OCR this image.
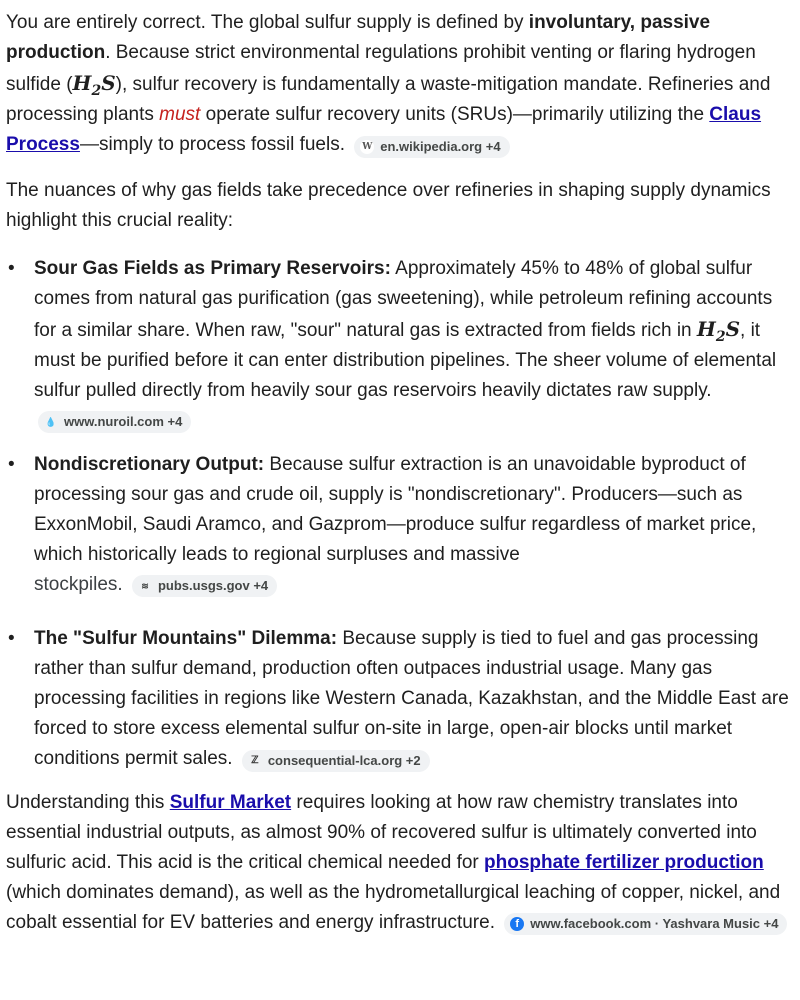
You are entirely correct. The global sulfur supply is defined by involuntary, passive production. Because strict environmental regulations prohibit venting or flaring hydrogen sulfide $(H_2S)$, sulfur recovery is fundamentally a waste-mitigation mandate. Refineries and processing plants must operate sulfur recovery units (SRUs)—primarily utilizing the Claus Process—simply to process fossil fuels. W en.wikipedia.org +4

The nuances of why gas fields take precedence over refineries in shaping supply dynamics highlight this crucial reality:

• Sour Gas Fields as Primary Reservoirs: Approximately 45% to 48% of global sulfur comes from natural gas purification (gas sweetening), while petroleum refining accounts for a similar share. When raw, "sour" natural gas is extracted from fields rich in $H_2S$, it must be purified before it can enter distribution pipelines. The sheer volume of elemental sulfur pulled directly from heavily sour gas reservoirs heavily dictates raw supply.
💧 www.nuroil.com +4
• Nondiscretionary Output: Because sulfur extraction is an unavoidable byproduct of processing sour gas and crude oil, supply is "nondiscretionary". Producers—such as ExxonMobil, Saudi Aramco, and Gazprom—produce sulfur regardless of market price, which historically leads to regional surpluses and massive
stockpiles.	≋ pubs.usgs.gov +4
• The "Sulfur Mountains" Dilemma: Because supply is tied to fuel and gas processing rather than sulfur demand, production often outpaces industrial usage. Many gas processing facilities in regions like Western Canada, Kazakhstan, and the Middle East are forced to store excess elemental sulfur on-site in large, open-air blocks until market conditions permit sales.	ℤ consequential-lca.org +2

Understanding this Sulfur Market requires looking at how raw chemistry translates into essential industrial outputs, as almost 90% of recovered sulfur is ultimately converted into sulfuric acid. This acid is the critical chemical needed for phosphate fertilizer production (which dominates demand), as well as the hydrometallurgical leaching of copper, nickel, and cobalt essential for EV batteries and energy infrastructure.	f www.facebook.com · Yashvara Music +4
